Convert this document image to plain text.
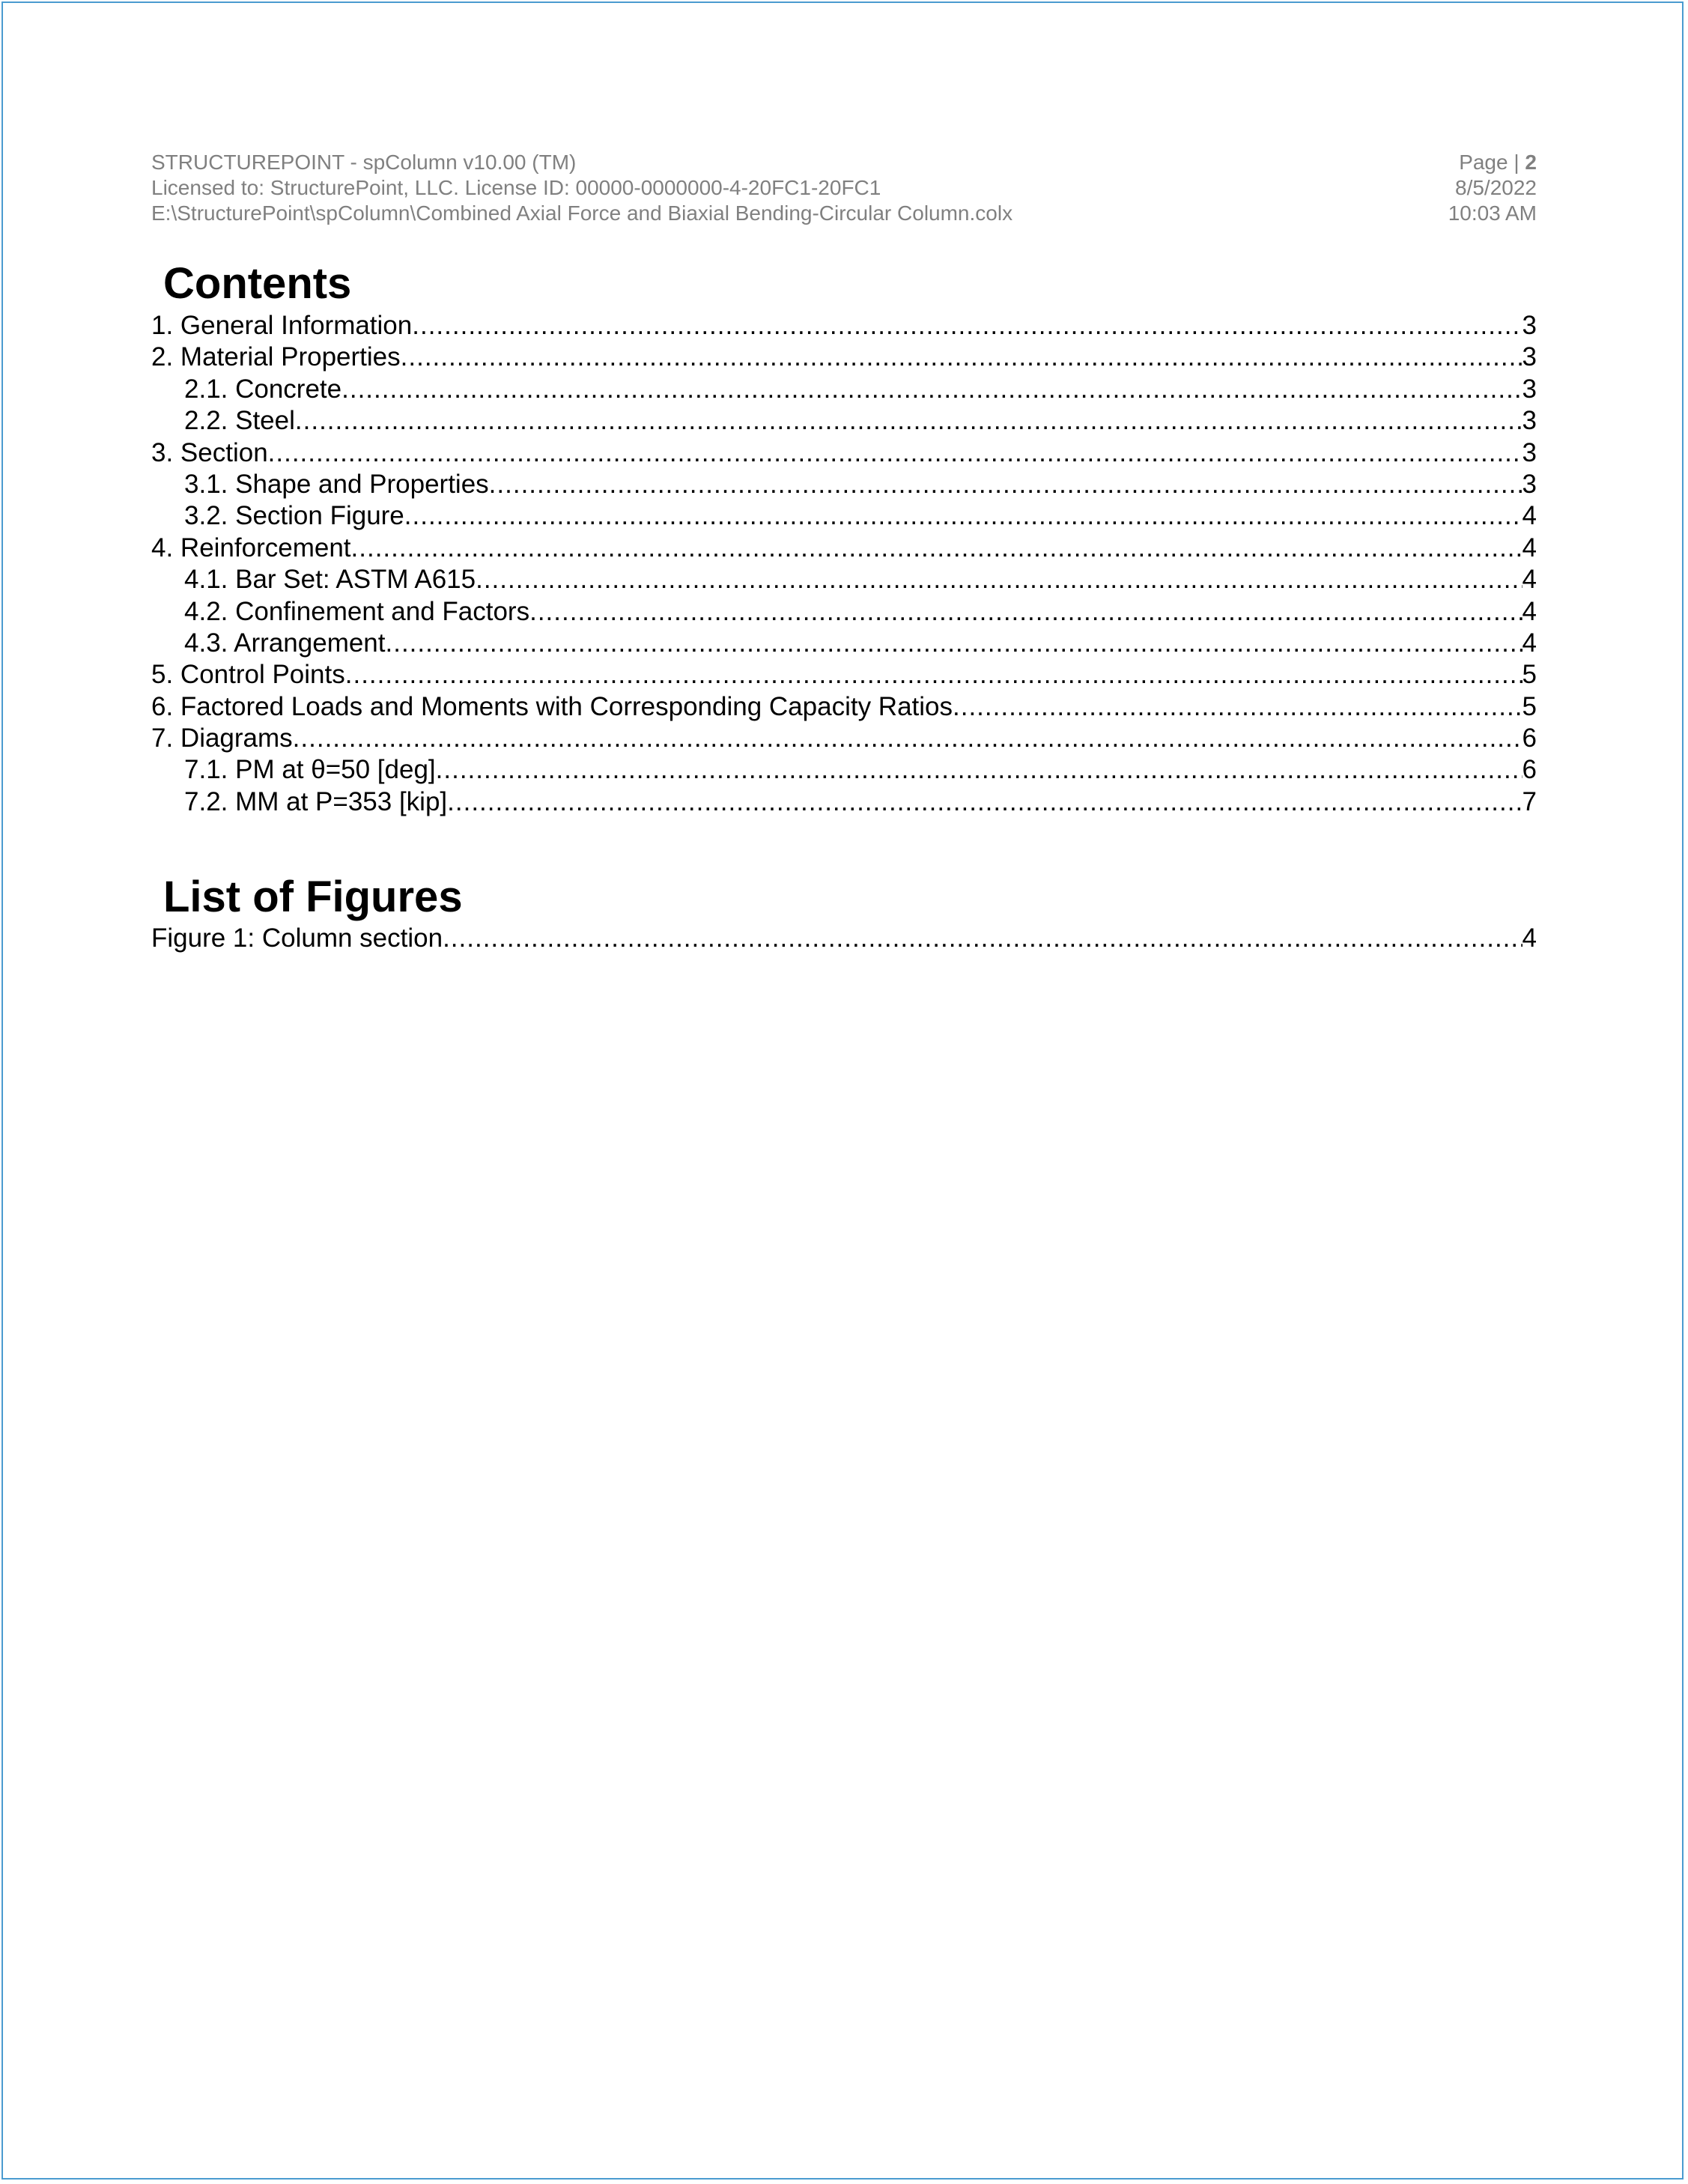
STRUCTUREPOINT - spColumn v10.00 (TM)	Page | 2
Licensed to: StructurePoint, LLC. License ID: 00000-0000000-4-20FC1-20FC1	8/5/2022
E:\StructurePoint\spColumn\Combined Axial Force and Biaxial Bending-Circular Column.colx	10:03 AM
Contents
1. General Information .....	3
2. Material Properties .....	3
2.1. Concrete .....	3
2.2. Steel .....	3
3. Section .....	3
3.1. Shape and Properties .....	3
3.2. Section Figure .....	4
4. Reinforcement .....	4
4.1. Bar Set: ASTM A615 .....	4
4.2. Confinement and Factors .....	4
4.3. Arrangement .....	4
5. Control Points .....	5
6. Factored Loads and Moments with Corresponding Capacity Ratios .....	5
7. Diagrams .....	6
7.1. PM at θ=50 [deg] .....	6
7.2. MM at P=353 [kip] .....	7
List of Figures
Figure 1: Column section .....	4
